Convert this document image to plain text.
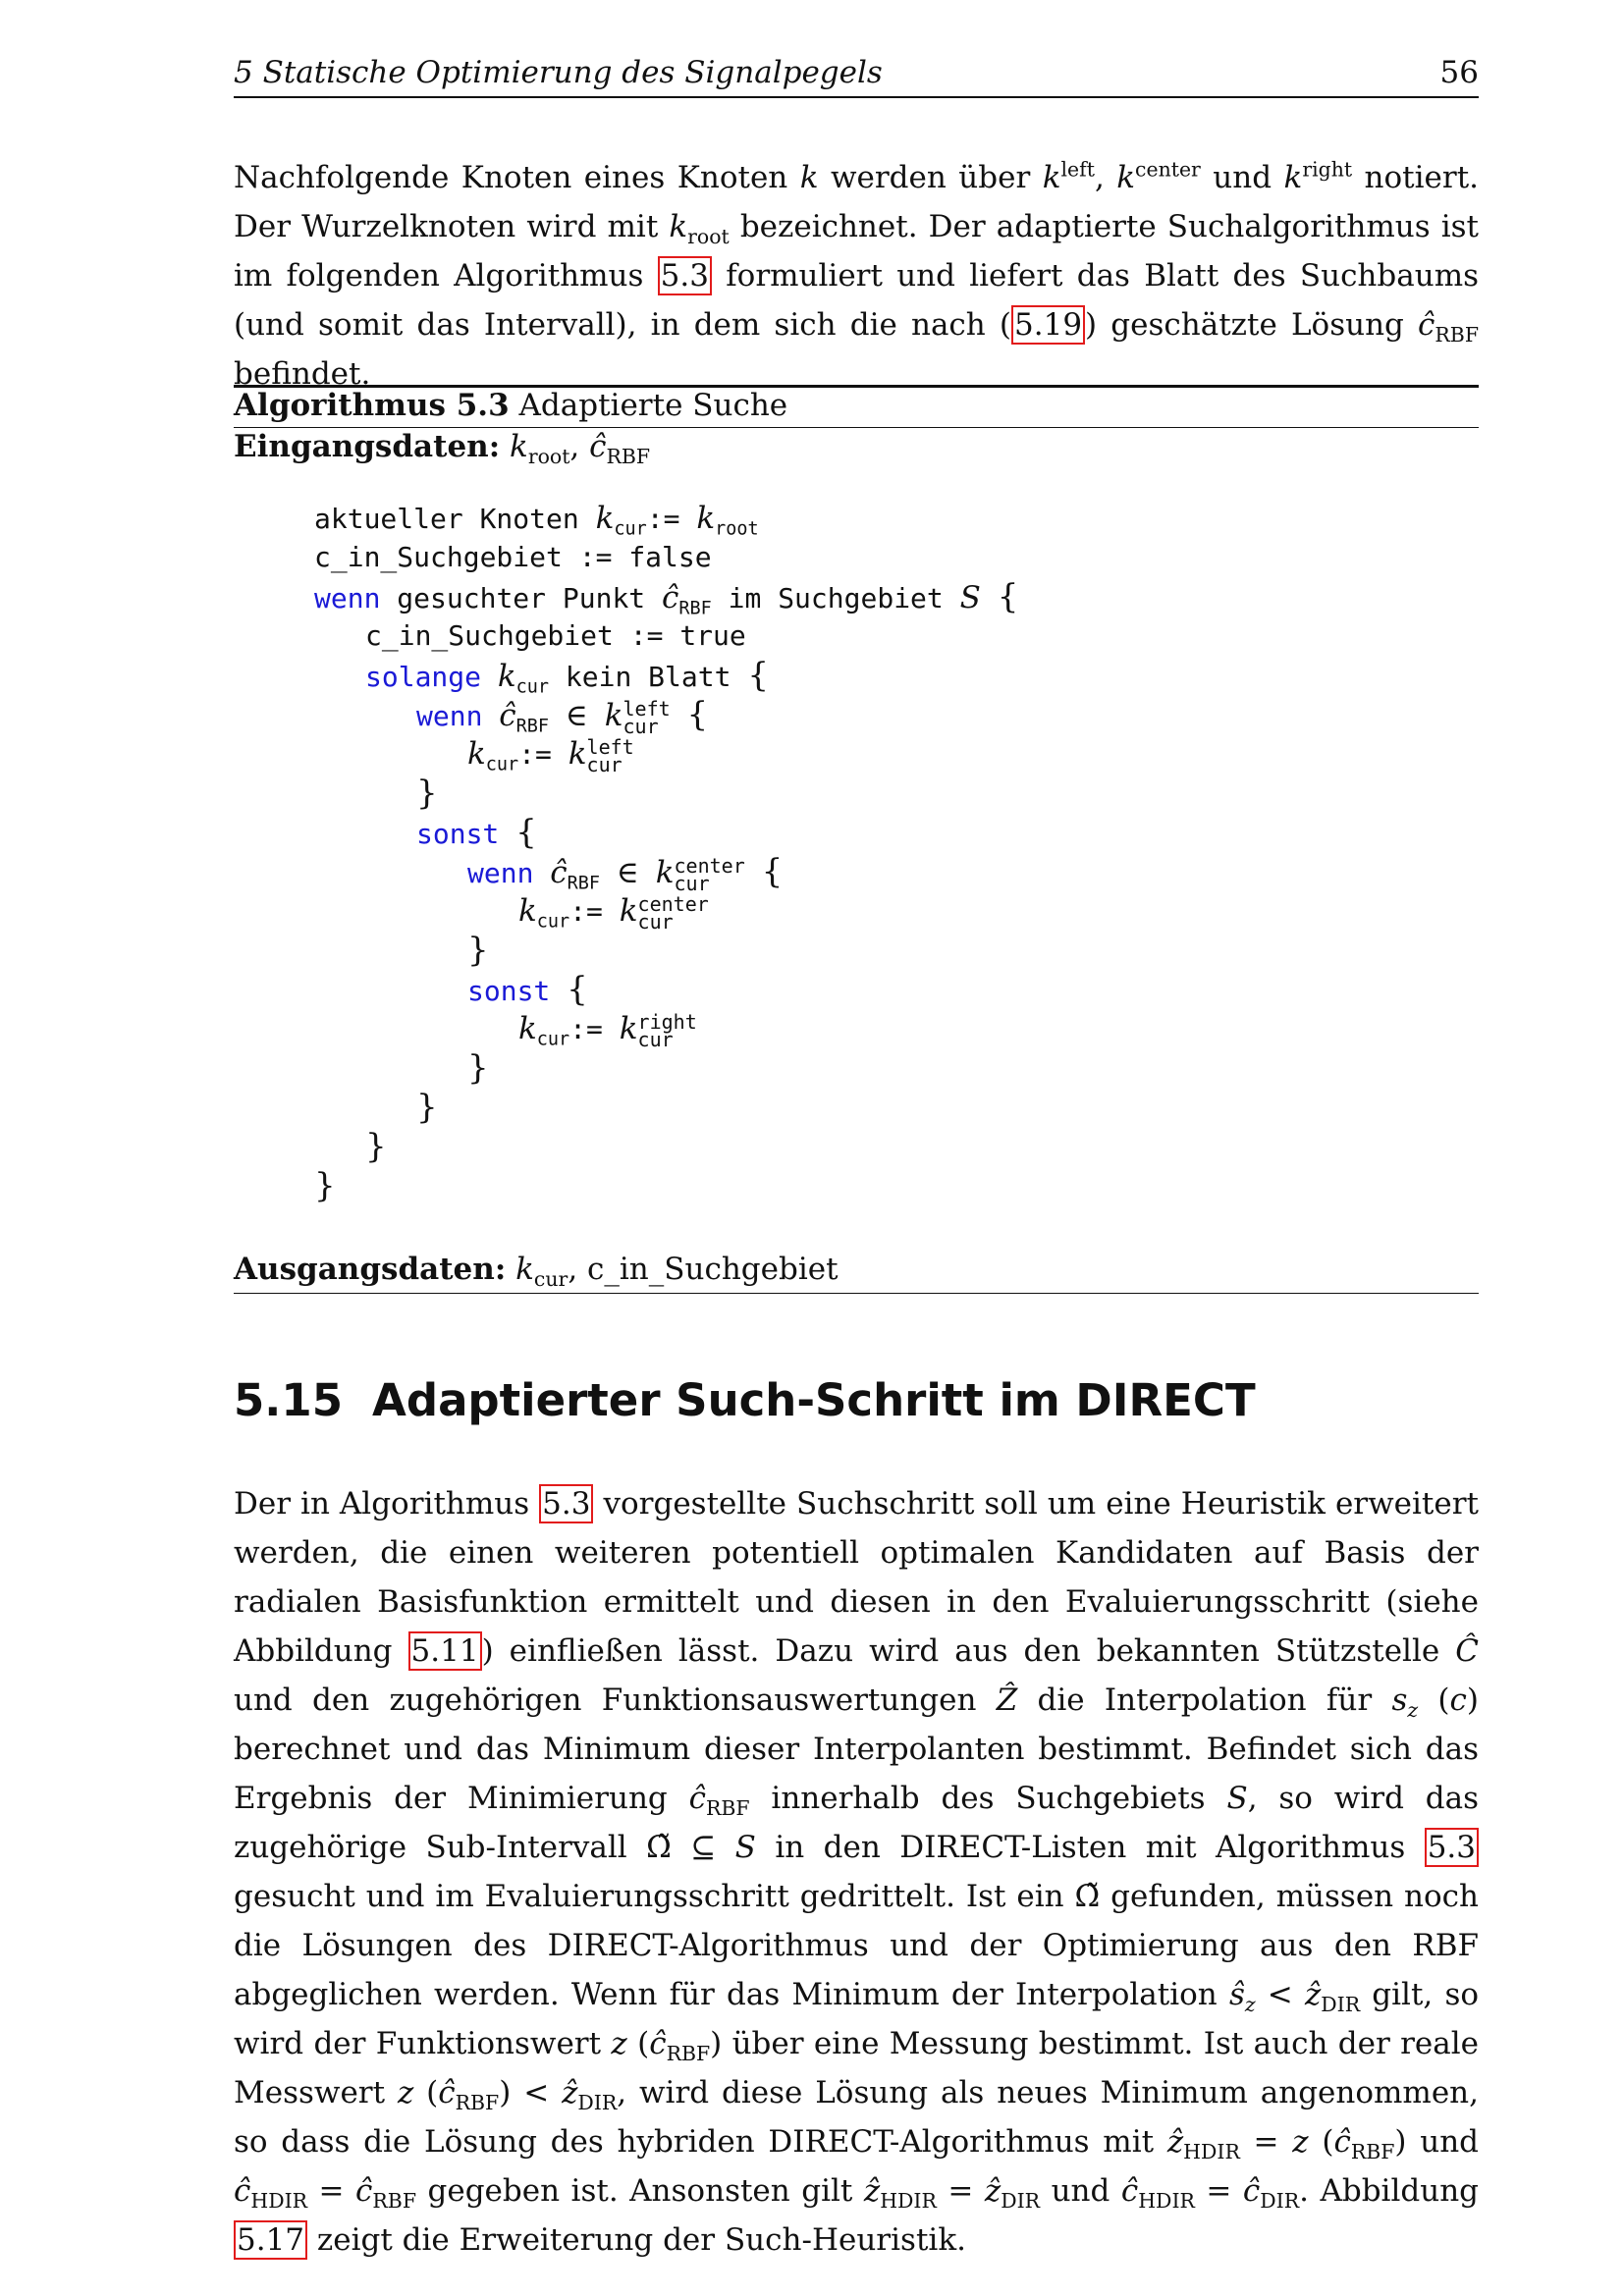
5 Statische Optimierung des Signalpegels	56
Nachfolgende Knoten eines Knoten k werden über $k^{left}$, $k^{center}$ und $k^{right}$ notiert. Der Wurzelknoten wird mit $k_{root}$ bezeichnet. Der adaptierte Suchalgorithmus ist im folgenden Algorithmus 5.3 formuliert und liefert das Blatt des Suchbaums (und somit das Intervall), in dem sich die nach (5.19) geschätzte Lösung $ĉ_{RBF}$ befindet.
Algorithmus 5.3 Adaptierte Suche
Eingangsdaten: $k_{root}$, $ĉ_{RBF}$
aktueller Knoten $k_{cur}:= k_{root}$
c_in_Suchgebiet := false
wenn gesuchter Punkt $ĉ_{RBF}$ im Suchgebiet S {
c_in_Suchgebiet := true
solange $k_{cur}$ kein Blatt {
wenn $ĉ_{RBF}$ ∈ k left
cur {
$k_{cur}:= k$ left
cur
}
sonst {
wenn $ĉ_{RBF}$ ∈ k center
cur	{
$k_{cur}:= k$ center
cur
}
sonst {
$k_{cur}:= k$ right
cur
}
}
}
}
Ausgangsdaten: $k_{cur}$, c_in_Suchgebiet
5.15 Adaptierter Such-Schritt im DIRECT
Der in Algorithmus 5.3 vorgestellte Suchschritt soll um eine Heuristik erweitert werden, die einen weiteren potentiell optimalen Kandidaten auf Basis der radialen Basisfunktion ermittelt und diesen in den Evaluierungsschritt (siehe Abbildung 5.11) einfließen lässt. Dazu wird aus den bekannten Stützstelle Ĉ und den zugehörigen Funktionsauswertungen Ẑ die Interpolation für $s_z$ (c) berechnet und das Minimum dieser Interpolanten bestimmt. Befindet sich das Ergebnis der Minimierung $ĉ_{RBF}$ innerhalb des Suchgebiets S, so wird das zugehörige Sub-Intervall Ω̃ ⊆ S in den DIRECT-Listen mit Algorithmus 5.3 gesucht und im Evaluierungsschritt gedrittelt. Ist ein Ω̃ gefunden, müssen noch die Lösungen des DIRECT-Algorithmus und der Optimierung aus den RBF abgeglichen werden. Wenn für das Minimum der Interpolation $ŝ_z$ < ẑ$_{DIR}$ gilt, so wird der Funktionswert z $(ĉ_{RBF})$ über eine Messung bestimmt. Ist auch der reale Messwert z $(ĉ_{RBF})$ < ẑ$_{DIR}$, wird diese Lösung als neues Minimum angenommen, so dass die Lösung des hybriden DIRECT-Algorithmus mit ẑ$_{HDIR}$ = z $(ĉ_{RBF})$ und $ĉ_{HDIR}$ = $ĉ_{RBF}$ gegeben ist. Ansonsten gilt ẑ$_{HDIR}$ = ẑ$_{DIR}$ und $ĉ_{HDIR}$ = $ĉ_{DIR}$. Abbildung 5.17 zeigt die Erweiterung der Such-Heuristik.
